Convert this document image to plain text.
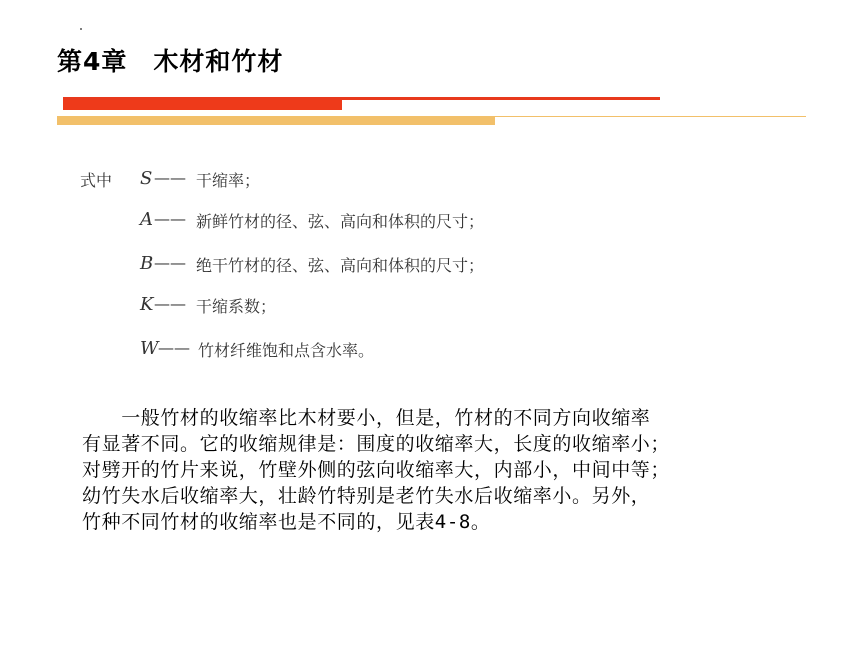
第4章　木材和竹材
式中 S —— 干缩率；
A —— 新鲜竹材的径、弦、高向和体积的尺寸；
B —— 绝干竹材的径、弦、高向和体积的尺寸；
K —— 干缩系数；
W —— 竹材纤维饱和点含水率。
　　一般竹材的收缩率比木材要小，但是，竹材的不同方向收缩率
有显著不同。它的收缩规律是：围度的收缩率大，长度的收缩率小；
对劈开的竹片来说，竹壁外侧的弦向收缩率大，内部小，中间中等；
幼竹失水后收缩率大，壮龄竹特别是老竹失水后收缩率小。另外，
竹种不同竹材的收缩率也是不同的，见表4-8。
